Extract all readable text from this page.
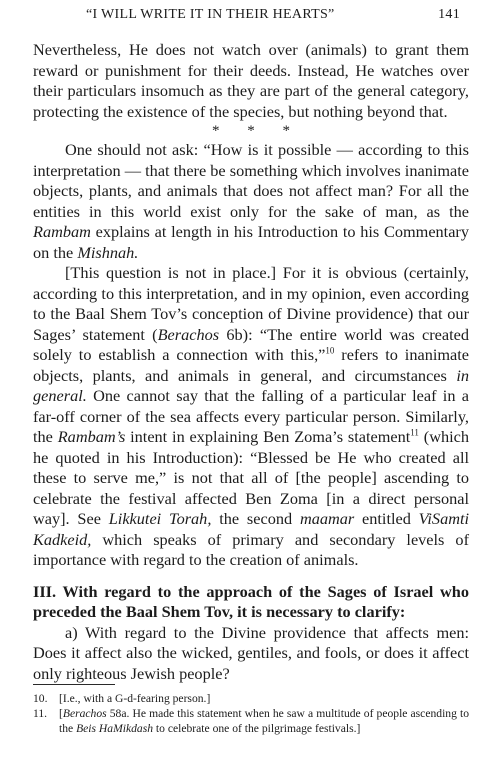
“I WILL WRITE IT IN THEIR HEARTS”	141

Nevertheless, He does not watch over (animals) to grant them reward or punishment for their deeds. Instead, He watches over their particulars insomuch as they are part of the general category, protecting the existence of the species, but nothing beyond that.

* * *

One should not ask: “How is it possible — according to this interpretation — that there be something which involves inanimate objects, plants, and animals that does not affect man? For all the entities in this world exist only for the sake of man, as the Rambam explains at length in his Introduction to his Commentary on the Mishnah.

[This question is not in place.] For it is obvious (certainly, according to this interpretation, and in my opinion, even according to the Baal Shem Tov’s conception of Divine providence) that our Sages’ statement (Berachos 6b): “The entire world was created solely to establish a connection with this,”$^{10}$ refers to inanimate objects, plants, and animals in general, and circumstances in general. One cannot say that the falling of a particular leaf in a far-off corner of the sea affects every particular person. Similarly, the Rambam’s intent in explaining Ben Zoma’s statement$^{11}$ (which he quoted in his Introduction): “Blessed be He who created all these to serve me,” is not that all of [the people] ascending to celebrate the festival affected Ben Zoma [in a direct personal way]. See Likkutei Torah, the second maamar entitled ViSamti Kadkeid, which speaks of primary and secondary levels of importance with regard to the creation of animals.

III. With regard to the approach of the Sages of Israel who preceded the Baal Shem Tov, it is necessary to clarify:

a) With regard to the Divine providence that affects men: Does it affect also the wicked, gentiles, and fools, or does it affect only righteous Jewish people?

10. [I.e., with a G-d-fearing person.]

11. [Berachos 58a. He made this statement when he saw a multitude of people ascending to the Beis HaMikdash to celebrate one of the pilgrimage festivals.]
